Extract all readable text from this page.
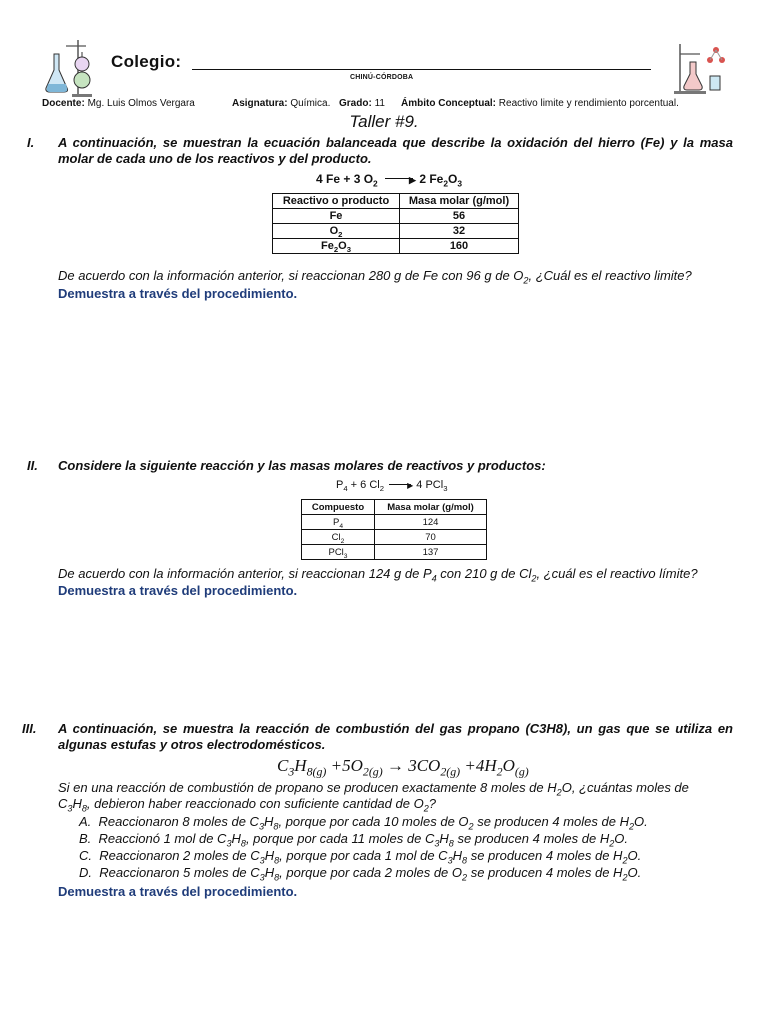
Colegio:
CHINÚ-CÓRDOBA
Docente: Mg. Luis Olmos Vergara	Asignatura: Química. Grado: 11 Ámbito Conceptual: Reactivo limite y rendimiento porcentual.
Taller #9.
I. A continuación, se muestran la ecuación balanceada que describe la oxidación del hierro (Fe) y la masa molar de cada uno de los reactivos y del producto.
4 Fe + 3 $O_2$	▶ 2 $Fe_2O_3$
Reactivo o producto	Masa molar (g/mol)
Fe	56
$O_2$	32
$Fe_2O_3$	160
De acuerdo con la información anterior, si reaccionan 280 g de Fe con 96 g de $O_2$, ¿Cuál es el reactivo limite?
Demuestra a través del procedimiento.
II. Considere la siguiente reacción y las masas molares de reactivos y productos:
$P_4 + 6$ $Cl_2$	▶ 4 PCl$_3$
Compuesto	Masa molar (g/mol)
$P_4$	124
$Cl_2$	70
PCl$_3$	137
De acuerdo con la información anterior, si reaccionan 124 g de $P_4$ con 210 g de $Cl_2$, ¿cuál es el reactivo límite?
Demuestra a través del procedimiento.
III. A continuación, se muestra la reacción de combustión del gas propano (C3H8), un gas que se utiliza en algunas estufas y otros electrodomésticos.
$C_3H_{8(g)} +5O_{2(g)} \to 3CO_{2(g)} +4H_2O_{(g)}$
Si en una reacción de combustión de propano se producen exactamente 8 moles de $H_2O$, ¿cuántas moles de
$C_3H_8$, debieron haber reaccionado con suficiente cantidad de $O_2$?
A. Reaccionaron 8 moles de $C_3H_8$, porque por cada 10 moles de $O_2$ se producen 4 moles de $H_2O$.
B. Reaccionó 1 mol de $C_3H_8$, porque por cada 11 moles de $C_3H_8$ se producen 4 moles de $H_2O$.
C. Reaccionaron 2 moles de $C_3H_8$, porque por cada 1 mol de $C_3H_8$ se producen 4 moles de $H_2O$.
D. Reaccionaron 5 moles de $C_3H_8$, porque por cada 2 moles de $O_2$ se producen 4 moles de $H_2O$.
Demuestra a través del procedimiento.
